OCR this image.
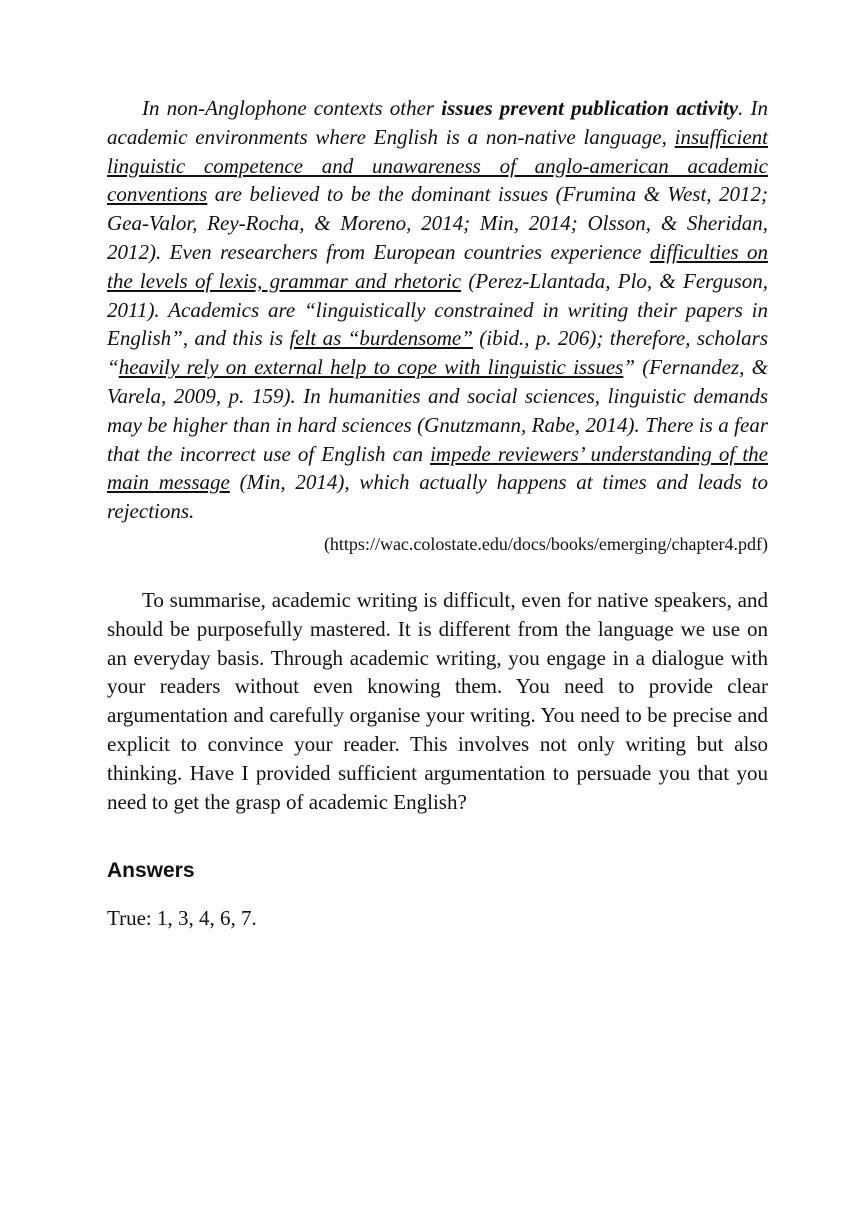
In non-Anglophone contexts other issues prevent publication activity. In academic environments where English is a non-native language, insufficient linguistic competence and unawareness of anglo-american academic conventions are believed to be the dominant issues (Frumina & West, 2012; Gea-Valor, Rey-Rocha, & Moreno, 2014; Min, 2014; Olsson, & Sheridan, 2012). Even researchers from European countries experience difficulties on the levels of lexis, grammar and rhetoric (Perez-Llantada, Plo, & Ferguson, 2011). Academics are “linguistically constrained in writing their papers in English”, and this is felt as “burdensome” (ibid., p. 206); therefore, scholars “heavily rely on external help to cope with linguistic issues” (Fernandez, & Varela, 2009, p. 159). In humanities and social sciences, linguistic demands may be higher than in hard sciences (Gnutzmann, Rabe, 2014). There is a fear that the incorrect use of English can impede reviewers’ understanding of the main message (Min, 2014), which actually happens at times and leads to rejections.

(https://wac.colostate.edu/docs/books/emerging/chapter4.pdf)

To summarise, academic writing is difficult, even for native speakers, and should be purposefully mastered. It is different from the language we use on an everyday basis. Through academic writing, you engage in a dialogue with your readers without even knowing them. You need to provide clear argumentation and carefully organise your writing. You need to be precise and explicit to convince your reader. This involves not only writing but also thinking. Have I provided sufficient argumentation to persuade you that you need to get the grasp of academic English?

Answers

True: 1, 3, 4, 6, 7.
